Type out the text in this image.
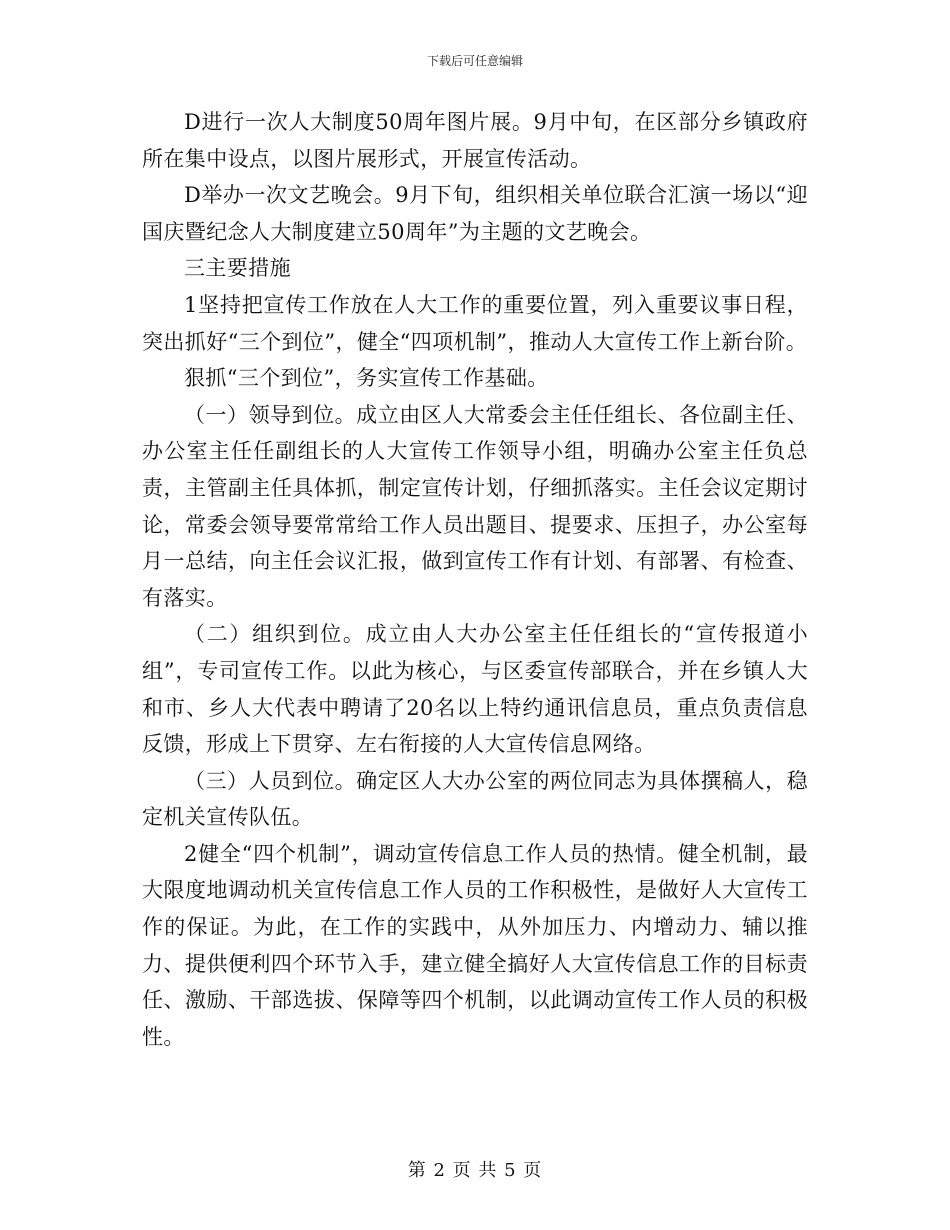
下载后可任意编辑

D进行一次人大制度50周年图片展。9月中旬，在区部分乡镇政府所在集中设点，以图片展形式，开展宣传活动。

D举办一次文艺晚会。9月下旬，组织相关单位联合汇演一场以“迎国庆暨纪念人大制度建立50周年”为主题的文艺晚会。

三主要措施

1坚持把宣传工作放在人大工作的重要位置，列入重要议事日程，突出抓好“三个到位”，健全“四项机制”，推动人大宣传工作上新台阶。

狠抓“三个到位”，务实宣传工作基础。

（一）领导到位。成立由区人大常委会主任任组长、各位副主任、办公室主任任副组长的人大宣传工作领导小组，明确办公室主任负总责，主管副主任具体抓，制定宣传计划，仔细抓落实。主任会议定期讨论，常委会领导要常常给工作人员出题目、提要求、压担子，办公室每月一总结，向主任会议汇报，做到宣传工作有计划、有部署、有检查、有落实。

（二）组织到位。成立由人大办公室主任任组长的“宣传报道小组”，专司宣传工作。以此为核心，与区委宣传部联合，并在乡镇人大和市、乡人大代表中聘请了20名以上特约通讯信息员，重点负责信息反馈，形成上下贯穿、左右衔接的人大宣传信息网络。

（三）人员到位。确定区人大办公室的两位同志为具体撰稿人，稳定机关宣传队伍。

2健全“四个机制”，调动宣传信息工作人员的热情。健全机制，最大限度地调动机关宣传信息工作人员的工作积极性，是做好人大宣传工作的保证。为此，在工作的实践中，从外加压力、内增动力、辅以推力、提供便利四个环节入手，建立健全搞好人大宣传信息工作的目标责任、激励、干部选拔、保障等四个机制，以此调动宣传工作人员的积极性。

第 2 页 共 5 页
